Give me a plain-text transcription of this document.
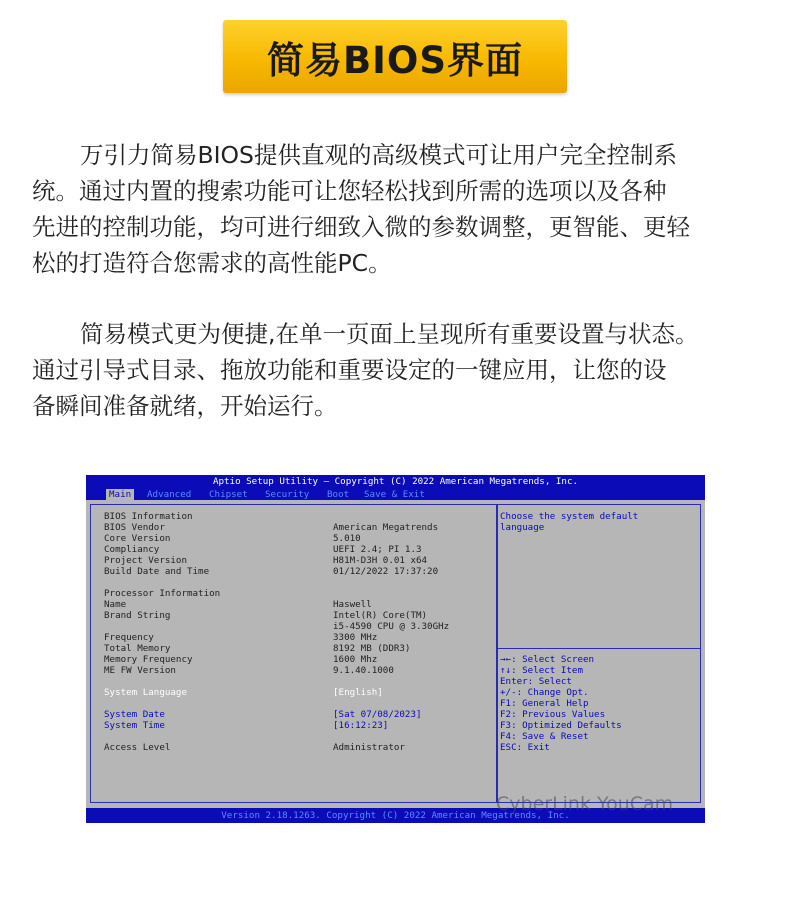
简易BIOS界面
万引力简易BIOS提供直观的高级模式可让用户完全控制系
统。通过内置的搜索功能可让您轻松找到所需的选项以及各种
先进的控制功能，均可进行细致入微的参数调整，更智能、更轻
松的打造符合您需求的高性能PC。
简易模式更为便捷,在单一页面上呈现所有重要设置与状态。
通过引导式目录、拖放功能和重要设定的一键应用，让您的设
备瞬间准备就绪，开始运行。
Aptio Setup Utility – Copyright (C) 2022 American Megatrends, Inc.
Main	Advanced Chipset Security Boot Save & Exit
BIOS Information
BIOS Vendor
Core Version
Compliancy
Project Version
Build Date and Time
Processor Information
Name
Brand String
Frequency
Total Memory
Memory Frequency
ME FW Version
System Language
System Date
System Time
Access Level
American Megatrends
5.010
UEFI 2.4; PI 1.3
H81M-D3H 0.01 x64
01/12/2022 17:37:20
Haswell
Intel(R) Core(TM)
i5-4590 CPU @ 3.30GHz
3300 MHz
8192 MB (DDR3)
1600 Mhz
9.1.40.1000
[English]
[Sat 07/08/2023]
[16:12:23]
Administrator
Choose the system default
language
→←: Select Screen
↑↓: Select Item
Enter: Select
+/-: Change Opt.
F1: General Help
F2: Previous Values
F3: Optimized Defaults
F4: Save & Reset
ESC: Exit
Version 2.18.1263. Copyright (C) 2022 American Megatrends, Inc.
CyberLink YouCam
